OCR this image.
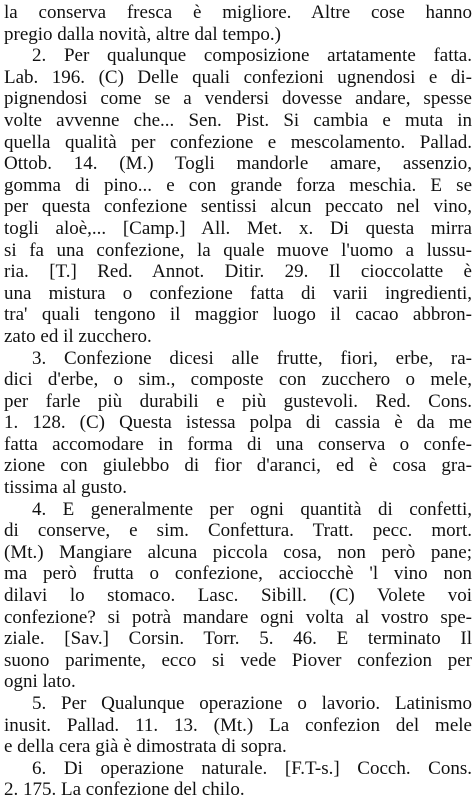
la conserva fresca è migliore. Altre cose hanno
pregio dalla novità, altre dal tempo.)
2. Per qualunque composizione artatamente fatta.
Lab. 196. (C) Delle quali confezioni ugnendosi e di-
pignendosi come se a vendersi dovesse andare, spesse
volte avvenne che... Sen. Pist. Si cambia e muta in
quella qualità per confezione e mescolamento. Pallad.
Ottob. 14. (M.) Togli mandorle amare, assenzio,
gomma di pino... e con grande forza meschia. E se
per questa confezione sentissi alcun peccato nel vino,
togli aloè,... [Camp.] All. Met. x. Di questa mirra
si fa una confezione, la quale muove l'uomo a lussu-
ria. [T.] Red. Annot. Ditir. 29. Il cioccolatte è
una mistura o confezione fatta di varii ingredienti,
tra' quali tengono il maggior luogo il cacao abbron-
zato ed il zucchero.
3. Confezione dicesi alle frutte, fiori, erbe, ra-
dici d'erbe, o sim., composte con zucchero o mele,
per farle più durabili e più gustevoli. Red. Cons.
1. 128. (C) Questa istessa polpa di cassia è da me
fatta accomodare in forma di una conserva o confe-
zione con giulebbo di fior d'aranci, ed è cosa gra-
tissima al gusto.
4. E generalmente per ogni quantità di confetti,
di conserve, e sim. Confettura. Tratt. pecc. mort.
(Mt.) Mangiare alcuna piccola cosa, non però pane;
ma però frutta o confezione, acciocchè 'l vino non
dilavi lo stomaco. Lasc. Sibill. (C) Volete voi
confezione? si potrà mandare ogni volta al vostro spe-
ziale. [Sav.] Corsin. Torr. 5. 46. E terminato Il
suono parimente, ecco si vede Piover confezion per
ogni lato.
5. Per Qualunque operazione o lavorio. Latinismo
inusit. Pallad. 11. 13. (Mt.) La confezion del mele
e della cera già è dimostrata di sopra.
6. Di operazione naturale. [F.T-s.] Cocch. Cons.
2. 175. La confezione del chilo.
